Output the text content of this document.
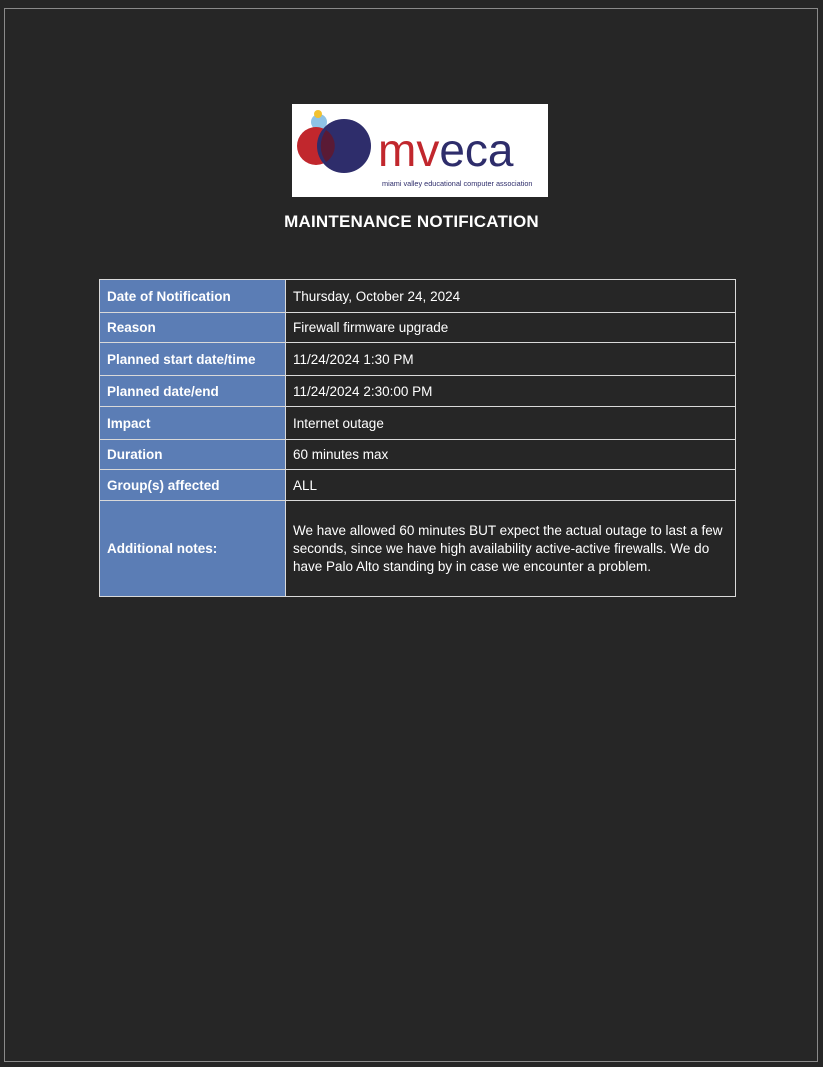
mveca
miami valley educational computer association
MAINTENANCE NOTIFICATION
Date of Notification	Thursday, October 24, 2024
Reason	Firewall firmware upgrade
Planned start date/time	11/24/2024 1:30 PM
Planned date/end	11/24/2024 2:30:00 PM
Impact	Internet outage
Duration	60 minutes max
Group(s) affected	ALL
Additional notes:	We have allowed 60 minutes BUT expect the actual outage to last a few seconds, since we have high availability active-active firewalls. We do have Palo Alto standing by in case we encounter a problem.
